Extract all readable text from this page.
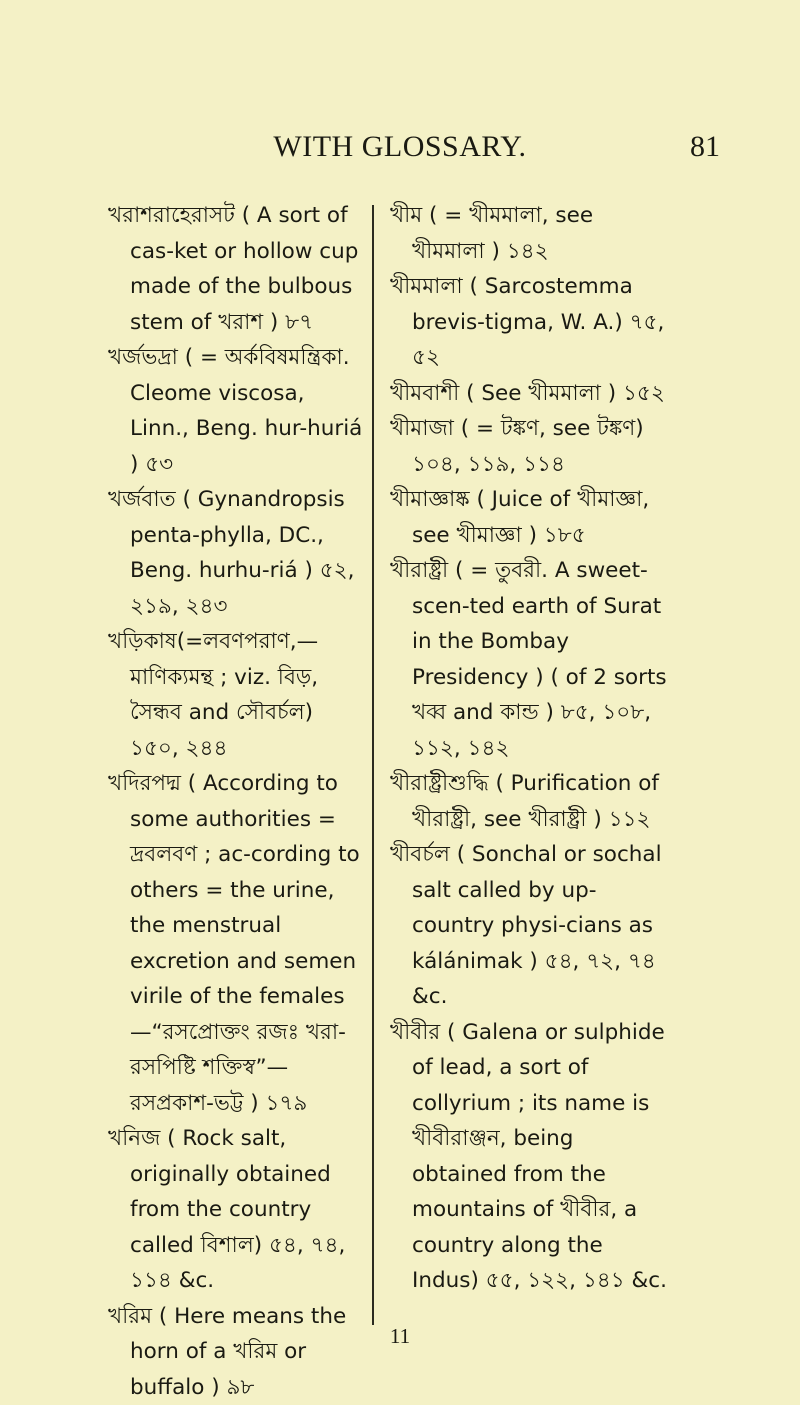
WITH GLOSSARY.	81
খরাশরাহেরাসট ( A sort of cas-ket or hollow cup made of the bulbous stem of খরাশ ) ৮৭
খর্জভদ্রা ( = অর্কবিষমন্ত্রিকা. Cleome viscosa, Linn., Beng. hur-huriá ) ৫৩
খর্জবাত ( Gynandropsis penta-phylla, DC., Beng. hurhu-riá ) ৫২, ২১৯, ২৪৩
খড়িকাষ(=লবণপরাণ,—মাণিক্যমন্থ ; viz. বিড়, সৈন্ধব and সৌবর্চল) ১৫০, ২৪৪
খদিরপদ্ম ( According to some authorities = দ্রবলবণ ; ac-cording to others = the urine, the menstrual excretion and semen virile of the females —“রসপ্রোক্তং রজঃ খরা-রসপিষ্টি শক্তিস্ব”—রসপ্রকাশ-ভট্ট ) ১৭৯
খনিজ ( Rock salt, originally obtained from the country called বিশাল) ৫৪, ৭৪, ১১৪ &c.
খরিম ( Here means the horn of a খরিম or buffalo ) ৯৮
খীম ( = খীমমালা, see খীমমালা ) ১৪২
খীমমালা ( Sarcostemma brevis-tigma, W. A.) ৭৫, ৫২
খীমবাশী ( See খীমমালা ) ১৫২
খীমাজা ( = টঙ্কণ, see টঙ্কণ) ১০৪, ১১৯, ১১৪
খীমাজ্ঞাষ্ক ( Juice of খীমাজ্ঞা, see খীমাজ্ঞা ) ১৮৫
খীরাষ্ট্রী ( = তুবরী. A sweet-scen-ted earth of Surat in the Bombay Presidency ) ( of 2 sorts খব্ব and কান্ড ) ৮৫, ১০৮, ১১২, ১৪২
খীরাষ্ট্রীশুদ্ধি ( Purification of খীরাষ্ট্রী, see খীরাষ্ট্রী ) ১১২
খীবর্চল ( Sonchal or sochal salt called by up-country physi-cians as kálánimak ) ৫৪, ৭২, ৭৪ &c.
খীবীর ( Galena or sulphide of lead, a sort of collyrium ; its name is খীবীরাঞ্জন, being obtained from the mountains of খীবীর, a country along the Indus) ৫৫, ১২২, ১৪১ &c.
11
